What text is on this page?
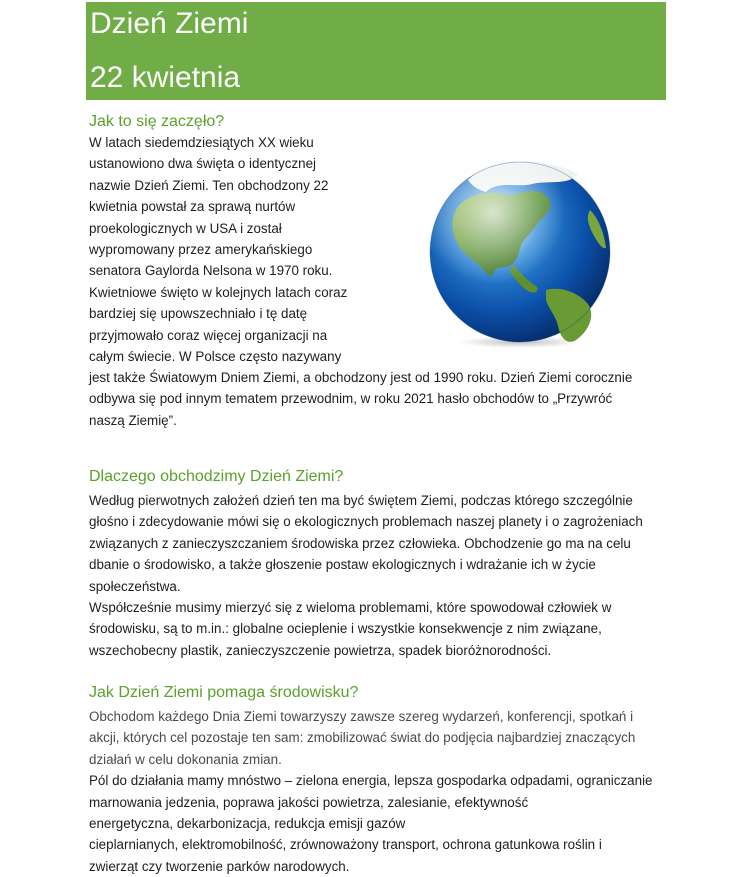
Dzień Ziemi
22 kwietnia
Jak to się zaczęło?
W latach siedemdziesiątych XX wieku
ustanowiono dwa święta o identycznej
nazwie Dzień Ziemi. Ten obchodzony 22
kwietnia powstał za sprawą nurtów
proekologicznych w USA i został
wypromowany przez amerykańskiego
senatora Gaylorda Nelsona w 1970 roku.
Kwietniowe święto w kolejnych latach coraz
bardziej się upowszechniało i tę datę
przyjmowało coraz więcej organizacji na
całym świecie. W Polsce często nazywany
jest także Światowym Dniem Ziemi, a obchodzony jest od 1990 roku. Dzień Ziemi corocznie
odbywa się pod innym tematem przewodnim, w roku 2021 hasło obchodów to „Przywróć
naszą Ziemię”.
Dlaczego obchodzimy Dzień Ziemi?
Według pierwotnych założeń dzień ten ma być świętem Ziemi, podczas którego szczególnie
głośno i zdecydowanie mówi się o ekologicznych problemach naszej planety i o zagrożeniach
związanych z zanieczyszczaniem środowiska przez człowieka. Obchodzenie go ma na celu
dbanie o środowisko, a także głoszenie postaw ekologicznych i wdrażanie ich w życie
społeczeństwa.
Współcześnie musimy mierzyć się z wieloma problemami, które spowodował człowiek w
środowisku, są to m.in.: globalne ocieplenie i wszystkie konsekwencje z nim związane,
wszechobecny plastik, zanieczyszczenie powietrza, spadek bioróżnorodności.
Jak Dzień Ziemi pomaga środowisku?
Obchodom każdego Dnia Ziemi towarzyszy zawsze szereg wydarzeń, konferencji, spotkań i
akcji, których cel pozostaje ten sam: zmobilizować świat do podjęcia najbardziej znaczących
działań w celu dokonania zmian.
Pól do działania mamy mnóstwo – zielona energia, lepsza gospodarka odpadami, ograniczanie
marnowania jedzenia, poprawa jakości powietrza, zalesianie, efektywność
energetyczna, dekarbonizacja, redukcja emisji gazów
cieplarnianych, elektromobilność, zrównoważony transport, ochrona gatunkowa roślin i
zwierząt czy tworzenie parków narodowych.
